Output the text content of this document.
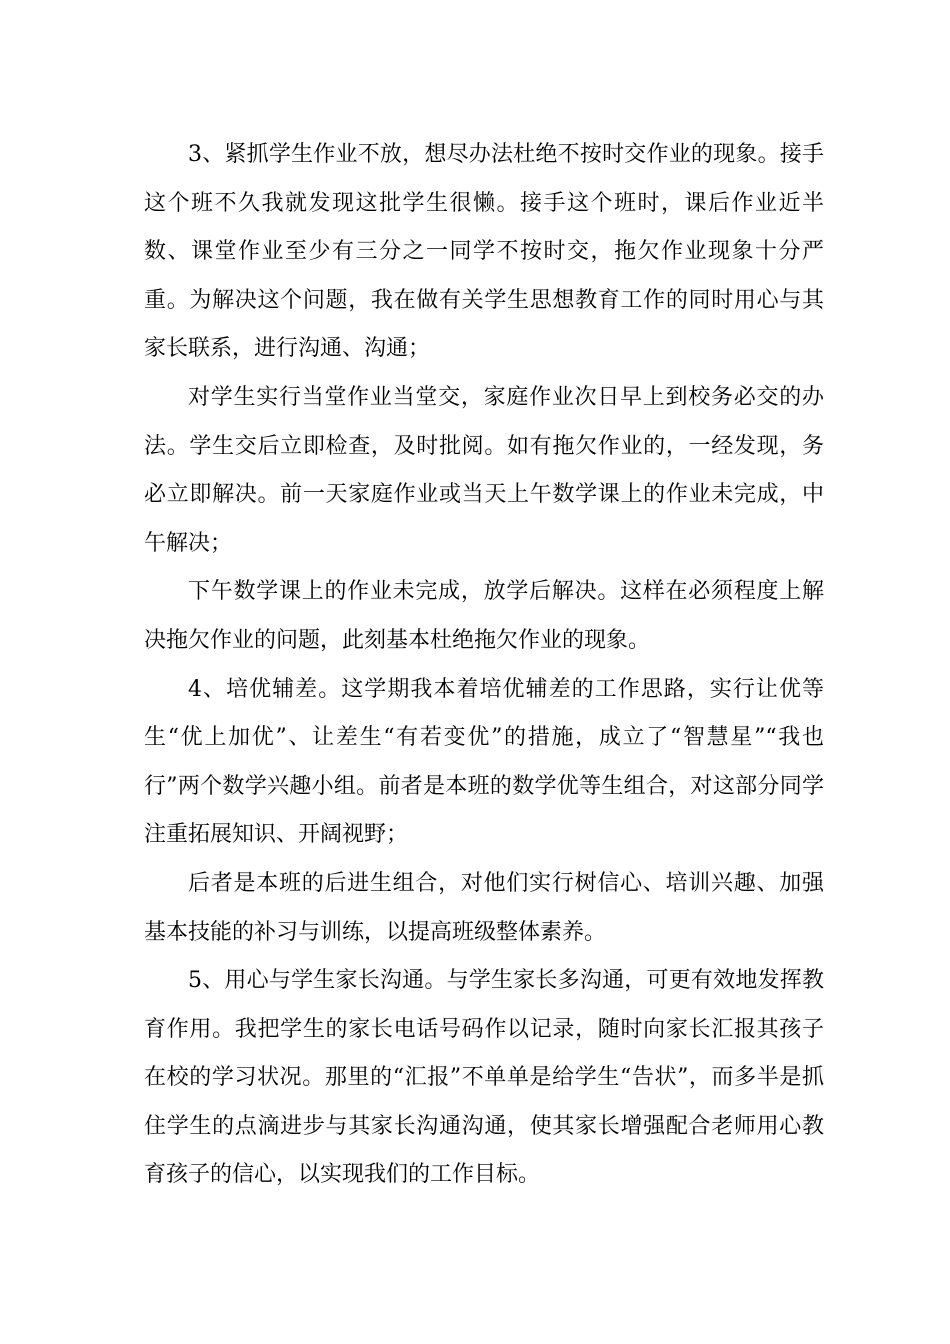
3、紧抓学生作业不放，想尽办法杜绝不按时交作业的现象。接手这个班不久我就发现这批学生很懒。接手这个班时，课后作业近半数、课堂作业至少有三分之一同学不按时交，拖欠作业现象十分严重。为解决这个问题，我在做有关学生思想教育工作的同时用心与其家长联系，进行沟通、沟通；

对学生实行当堂作业当堂交，家庭作业次日早上到校务必交的办法。学生交后立即检查，及时批阅。如有拖欠作业的，一经发现，务必立即解决。前一天家庭作业或当天上午数学课上的作业未完成，中午解决；

下午数学课上的作业未完成，放学后解决。这样在必须程度上解决拖欠作业的问题，此刻基本杜绝拖欠作业的现象。

4、培优辅差。这学期我本着培优辅差的工作思路，实行让优等生“优上加优”、让差生“有若变优”的措施，成立了“智慧星”“我也行”两个数学兴趣小组。前者是本班的数学优等生组合，对这部分同学注重拓展知识、开阔视野；

后者是本班的后进生组合，对他们实行树信心、培训兴趣、加强基本技能的补习与训练，以提高班级整体素养。

5、用心与学生家长沟通。与学生家长多沟通，可更有效地发挥教育作用。我把学生的家长电话号码作以记录，随时向家长汇报其孩子在校的学习状况。那里的“汇报”不单单是给学生“告状”，而多半是抓住学生的点滴进步与其家长沟通沟通，使其家长增强配合老师用心教育孩子的信心，以实现我们的工作目标。
